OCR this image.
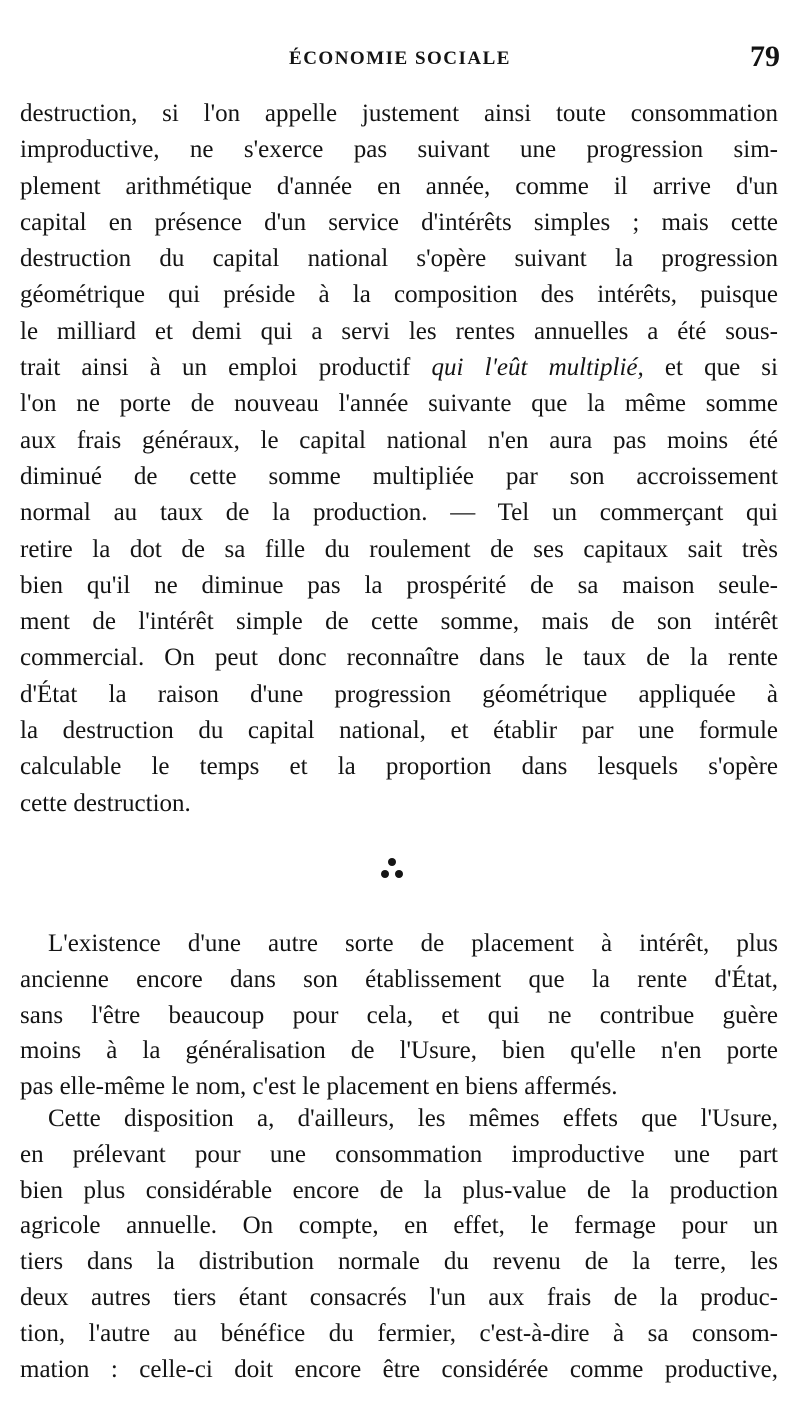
ÉCONOMIE SOCIALE	79
destruction, si l'on appelle justement ainsi toute consommation
improductive, ne s'exerce pas suivant une progression sim-
plement arithmétique d'année en année, comme il arrive d'un
capital en présence d'un service d'intérêts simples ; mais cette
destruction du capital national s'opère suivant la progression
géométrique qui préside à la composition des intérêts, puisque
le milliard et demi qui a servi les rentes annuelles a été sous-
trait ainsi à un emploi productif qui l'eût multiplié, et que si
l'on ne porte de nouveau l'année suivante que la même somme
aux frais généraux, le capital national n'en aura pas moins été
diminué de cette somme multipliée par son accroissement
normal au taux de la production. — Tel un commerçant qui
retire la dot de sa fille du roulement de ses capitaux sait très
bien qu'il ne diminue pas la prospérité de sa maison seule-
ment de l'intérêt simple de cette somme, mais de son intérêt
commercial. On peut donc reconnaître dans le taux de la rente
d'État la raison d'une progression géométrique appliquée à
la destruction du capital national, et établir par une formule
calculable le temps et la proportion dans lesquels s'opère
cette destruction.
L'existence d'une autre sorte de placement à intérêt, plus
ancienne encore dans son établissement que la rente d'État,
sans l'être beaucoup pour cela, et qui ne contribue guère
moins à la généralisation de l'Usure, bien qu'elle n'en porte
pas elle-même le nom, c'est le placement en biens affermés.
Cette disposition a, d'ailleurs, les mêmes effets que l'Usure,
en prélevant pour une consommation improductive une part
bien plus considérable encore de la plus-value de la production
agricole annuelle. On compte, en effet, le fermage pour un
tiers dans la distribution normale du revenu de la terre, les
deux autres tiers étant consacrés l'un aux frais de la produc-
tion, l'autre au bénéfice du fermier, c'est-à-dire à sa consom-
mation : celle-ci doit encore être considérée comme productive,
